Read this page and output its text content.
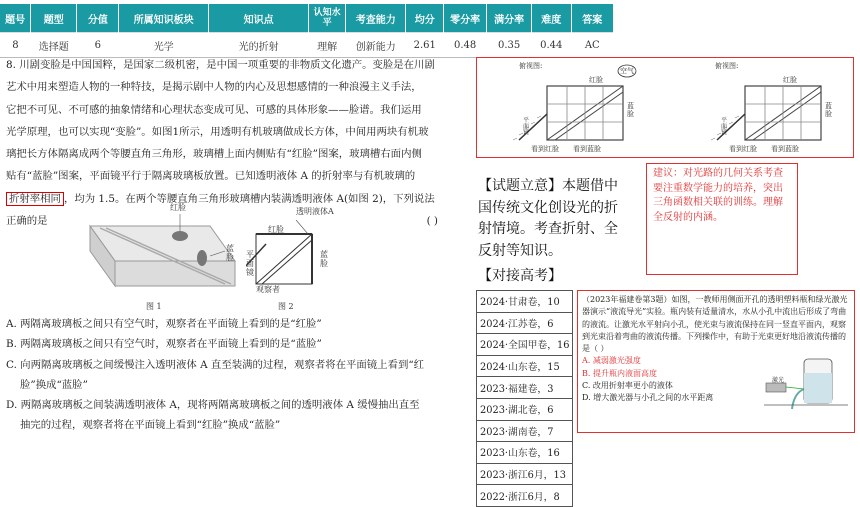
题号	题型	分值	所属知识板块	知识点	认知水平	考查能力	均分	零分率	满分率	难度	答案
8	选择题	6	光学	光的折射	理解	创新能力	2.61	0.48	0.35	0.44	AC

8. 川剧变脸是中国国粹，是国家二级机密，是中国一项重要的非物质文化遗产。变脸是在川剧

艺术中用来塑造人物的一种特技，是揭示剧中人物的内心及思想感情的一种浪漫主义手法，

它把不可见、不可感的抽象情绪和心理状态变成可见、可感的具体形象——脸谱。我们运用

光学原理，也可以实现“变脸”。如图1所示，用透明有机玻璃做成长方体，中间用两块有机玻

璃把长方体隔离成两个等腰直角三角形，玻璃槽上面内侧贴有“红脸”图案，玻璃槽右面内侧

贴有“蓝脸”图案，平面镜平行于隔离玻璃板放置。已知透明液体 A 的折射率与有机玻璃的

折射率相同 ，均为 1.5。在两个等腰直角三角形玻璃槽内装满透明液体 A(如图 2)，下列说法

正确的是	( )

红脸
蓝脸
图 1
透明液体A
红脸
蓝脸
平面镜
观察者
图 2
A. 两隔离玻璃板之间只有空气时，观察者在平面镜上看到的是“红脸”
B. 两隔离玻璃板之间只有空气时，观察者在平面镜上看到的是“蓝脸”
C. 向两隔离玻璃板之间缓慢注入透明液体 A 直至装满的过程，观察者将在平面镜上看到“红
脸”换成“蓝脸”
D. 两隔离玻璃板之间装满透明液体 A，现将两隔离玻璃板之间的透明液体 A 缓慢抽出直至
抽完的过程，观察者将在平面镜上看到“红脸”换成“蓝脸”
俯视图:	俯视图:
红脸
空气
蓝脸
平面镜
看到红脸 看到蓝脸
红脸
蓝脸
平面镜
看到红脸 看到蓝脸
【试题立意】本题借中国传统文化创设光的折射情境。考查折射、全反射等知识。
建议：对光路的几何关系考查要注重数学能力的培养，突出三角函数相关联的训练。理解全反射的内涵。
【对接高考】
2024·甘肃卷，10
2024·江苏卷，6
2024·全国甲卷，16
2024·山东卷，15
2023·福建卷，3
2023·湖北卷，6
2023·湖南卷，7
2023·山东卷，16
2023·浙江6月，13
2022·浙江6月，8
（2023年福建卷第3题）如图，一教师用侧面开孔的透明塑料瓶和绿光激光器演示“液流导光”实验。瓶内装有适量清水，水从小孔中流出后形成了弯曲的液流。让激光水平射向小孔，使光束与液流保持在同一竖直平面内，观察到光束沿着弯曲的液流传播。下列操作中，有助于光束更好地沿液流传播的是（ ）
A. 减弱激光强度
B. 提升瓶内液面高度
C. 改用折射率更小的液体
D. 增大激光器与小孔之间的水平距离
激光
